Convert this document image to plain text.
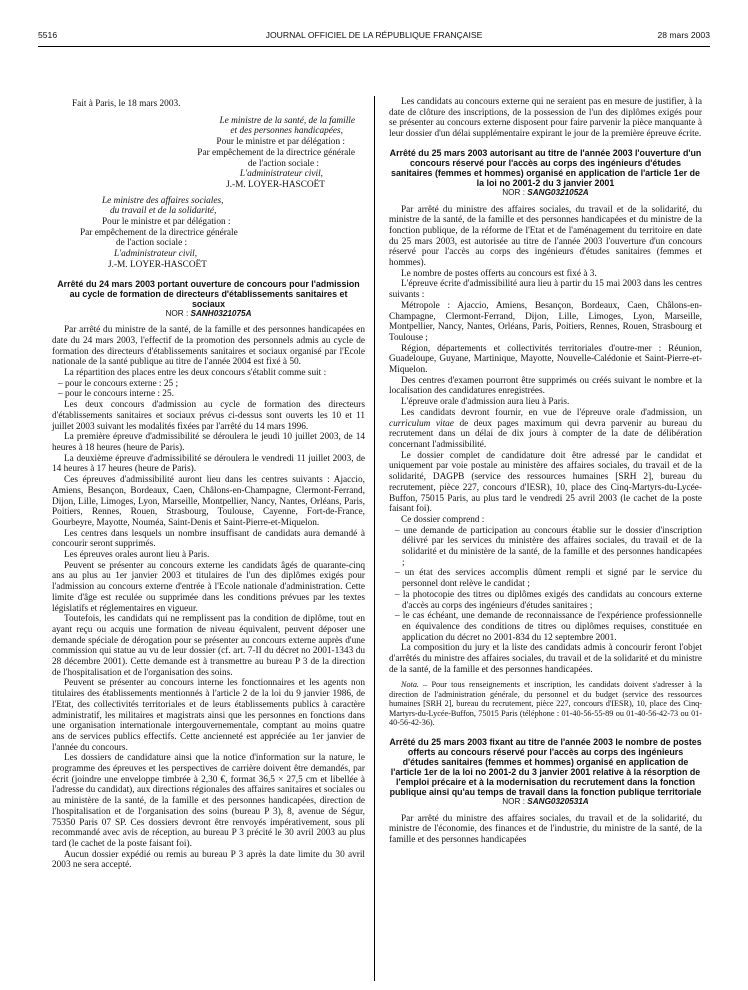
5516	JOURNAL OFFICIEL DE LA RÉPUBLIQUE FRANÇAISE	28 mars 2003

Fait à Paris, le 18 mars 2003.

Le ministre de la santé, de la famille

et des personnes handicapées,

Pour le ministre et par délégation :

Par empêchement de la directrice générale

de l'action sociale :

L'administrateur civil,

J.-M. LOYER-HASCOËT

Le ministre des affaires sociales,

du travail et de la solidarité,

Pour le ministre et par délégation :

Par empêchement de la directrice générale

de l'action sociale :

L'administrateur civil,

J.-M. LOYER-HASCOËT

Arrêté du 24 mars 2003 portant ouverture de concours pour l'admission au cycle de formation de directeurs d'établissements sanitaires et sociaux

NOR : SANH0321075A

Par arrêté du ministre de la santé, de la famille et des personnes handicapées en date du 24 mars 2003, l'effectif de la promotion des personnels admis au cycle de formation des directeurs d'établissements sanitaires et sociaux organisé par l'Ecole nationale de la santé publique au titre de l'année 2004 est fixé à 50.

La répartition des places entre les deux concours s'établit comme suit :

– pour le concours externe : 25 ;

– pour le concours interne : 25.

Les deux concours d'admission au cycle de formation des directeurs d'établissements sanitaires et sociaux prévus ci-dessus sont ouverts les 10 et 11 juillet 2003 suivant les modalités fixées par l'arrêté du 14 mars 1996.

La première épreuve d'admissibilité se déroulera le jeudi 10 juillet 2003, de 14 heures à 18 heures (heure de Paris).

La deuxième épreuve d'admissibilité se déroulera le vendredi 11 juillet 2003, de 14 heures à 17 heures (heure de Paris).

Ces épreuves d'admissibilité auront lieu dans les centres suivants : Ajaccio, Amiens, Besançon, Bordeaux, Caen, Châlons-en-Champagne, Clermont-Ferrand, Dijon, Lille, Limoges, Lyon, Marseille, Montpellier, Nancy, Nantes, Orléans, Paris, Poitiers, Rennes, Rouen, Strasbourg, Toulouse, Cayenne, Fort-de-France, Gourbeyre, Mayotte, Nouméa, Saint-Denis et Saint-Pierre-et-Miquelon.

Les centres dans lesquels un nombre insuffisant de candidats aura demandé à concourir seront supprimés.

Les épreuves orales auront lieu à Paris.

Peuvent se présenter au concours externe les candidats âgés de quarante-cinq ans au plus au 1er janvier 2003 et titulaires de l'un des diplômes exigés pour l'admission au concours externe d'entrée à l'Ecole nationale d'administration. Cette limite d'âge est reculée ou supprimée dans les conditions prévues par les textes législatifs et réglementaires en vigueur.

Toutefois, les candidats qui ne remplissent pas la condition de diplôme, tout en ayant reçu ou acquis une formation de niveau équivalent, peuvent déposer une demande spéciale de dérogation pour se présenter au concours externe auprès d'une commission qui statue au vu de leur dossier (cf. art. 7-II du décret no 2001-1343 du 28 décembre 2001). Cette demande est à transmettre au bureau P 3 de la direction de l'hospitalisation et de l'organisation des soins.

Peuvent se présenter au concours interne les fonctionnaires et les agents non titulaires des établissements mentionnés à l'article 2 de la loi du 9 janvier 1986, de l'Etat, des collectivités territoriales et de leurs établissements publics à caractère administratif, les militaires et magistrats ainsi que les personnes en fonctions dans une organisation internationale intergouvernementale, comptant au moins quatre ans de services publics effectifs. Cette ancienneté est appréciée au 1er janvier de l'année du concours.

Les dossiers de candidature ainsi que la notice d'information sur la nature, le programme des épreuves et les perspectives de carrière doivent être demandés, par écrit (joindre une enveloppe timbrée à 2,30 €, format 36,5 × 27,5 cm et libellée à l'adresse du candidat), aux directions régionales des affaires sanitaires et sociales ou au ministère de la santé, de la famille et des personnes handicapées, direction de l'hospitalisation et de l'organisation des soins (bureau P 3), 8, avenue de Ségur, 75350 Paris 07 SP. Ces dossiers devront être renvoyés impérativement, sous pli recommandé avec avis de réception, au bureau P 3 précité le 30 avril 2003 au plus tard (le cachet de la poste faisant foi).

Aucun dossier expédié ou remis au bureau P 3 après la date limite du 30 avril 2003 ne sera accepté.

Les candidats au concours externe qui ne seraient pas en mesure de justifier, à la date de clôture des inscriptions, de la possession de l'un des diplômes exigés pour se présenter au concours externe disposent pour faire parvenir la pièce manquante à leur dossier d'un délai supplémentaire expirant le jour de la première épreuve écrite.

Arrêté du 25 mars 2003 autorisant au titre de l'année 2003 l'ouverture d'un concours réservé pour l'accès au corps des ingénieurs d'études sanitaires (femmes et hommes) organisé en application de l'article 1er de la loi no 2001-2 du 3 janvier 2001

NOR : SANG0321052A

Par arrêté du ministre des affaires sociales, du travail et de la solidarité, du ministre de la santé, de la famille et des personnes handicapées et du ministre de la fonction publique, de la réforme de l'Etat et de l'aménagement du territoire en date du 25 mars 2003, est autorisée au titre de l'année 2003 l'ouverture d'un concours réservé pour l'accès au corps des ingénieurs d'études sanitaires (femmes et hommes).

Le nombre de postes offerts au concours est fixé à 3.

L'épreuve écrite d'admissibilité aura lieu à partir du 15 mai 2003 dans les centres suivants :

Métropole : Ajaccio, Amiens, Besançon, Bordeaux, Caen, Châlons-en-Champagne, Clermont-Ferrand, Dijon, Lille, Limoges, Lyon, Marseille, Montpellier, Nancy, Nantes, Orléans, Paris, Poitiers, Rennes, Rouen, Strasbourg et Toulouse ;

Région, départements et collectivités territoriales d'outre-mer : Réunion, Guadeloupe, Guyane, Martinique, Mayotte, Nouvelle-Calédonie et Saint-Pierre-et-Miquelon.

Des centres d'examen pourront être supprimés ou créés suivant le nombre et la localisation des candidatures enregistrées.

L'épreuve orale d'admission aura lieu à Paris.

Les candidats devront fournir, en vue de l'épreuve orale d'admission, un curriculum vitae de deux pages maximum qui devra parvenir au bureau du recrutement dans un délai de dix jours à compter de la date de délibération concernant l'admissibilité.

Le dossier complet de candidature doit être adressé par le candidat et uniquement par voie postale au ministère des affaires sociales, du travail et de la solidarité, DAGPB (service des ressources humaines [SRH 2], bureau du recrutement, pièce 227, concours d'IESR), 10, place des Cinq-Martyrs-du-Lycée-Buffon, 75015 Paris, au plus tard le vendredi 25 avril 2003 (le cachet de la poste faisant foi).

Ce dossier comprend :

– une demande de participation au concours établie sur le dossier d'inscription délivré par les services du ministère des affaires sociales, du travail et de la solidarité et du ministère de la santé, de la famille et des personnes handicapées ;

– un état des services accomplis dûment rempli et signé par le service du personnel dont relève le candidat ;

– la photocopie des titres ou diplômes exigés des candidats au concours externe d'accès au corps des ingénieurs d'études sanitaires ;

– le cas échéant, une demande de reconnaissance de l'expérience professionnelle en équivalence des conditions de titres ou diplômes requises, constituée en application du décret no 2001-834 du 12 septembre 2001.

La composition du jury et la liste des candidats admis à concourir feront l'objet d'arrêtés du ministre des affaires sociales, du travail et de la solidarité et du ministre de la santé, de la famille et des personnes handicapées.

Nota. – Pour tous renseignements et inscription, les candidats doivent s'adresser à la direction de l'administration générale, du personnel et du budget (service des ressources humaines [SRH 2], bureau du recrutement, pièce 227, concours d'IESR), 10, place des Cinq-Martyrs-du-Lycée-Buffon, 75015 Paris (téléphone : 01-40-56-55-89 ou 01-40-56-42-73 ou 01-40-56-42-36).

Arrêté du 25 mars 2003 fixant au titre de l'année 2003 le nombre de postes offerts au concours réservé pour l'accès au corps des ingénieurs d'études sanitaires (femmes et hommes) organisé en application de l'article 1er de la loi no 2001-2 du 3 janvier 2001 relative à la résorption de l'emploi précaire et à la modernisation du recrutement dans la fonction publique ainsi qu'au temps de travail dans la fonction publique territoriale

NOR : SANG0320531A

Par arrêté du ministre des affaires sociales, du travail et de la solidarité, du ministre de l'économie, des finances et de l'industrie, du ministre de la santé, de la famille et des personnes handicapées
